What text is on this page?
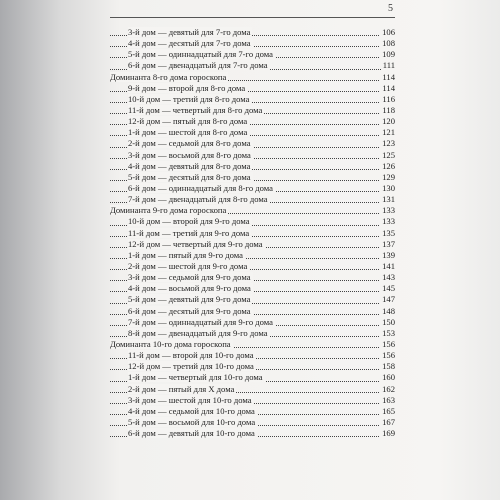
5
3-й дом — девятый для 7-го дома	106
4-й дом — десятый для 7-го дома	108
5-й дом — одиннадцатый для 7-го дома	109
6-й дом — двенадцатый для 7-го дома	111
Доминанта 8-го дома гороскопа	114
9-й дом — второй для 8-го дома	114
10-й дом — третий для 8-го дома	116
11-й дом — четвертый для 8-го дома	118
12-й дом — пятый для 8-го дома	120
1-й дом — шестой для 8-го дома	121
2-й дом — седьмой для 8-го дома	123
3-й дом — восьмой для 8-го дома	125
4-й дом — девятый для 8-го дома	126
5-й дом — десятый для 8-го дома	129
6-й дом — одиннадцатый для 8-го дома	130
7-й дом — двенадцатый для 8-го дома	131
Доминанта 9-го дома гороскопа	133
10-й дом — второй для 9-го дома	133
11-й дом — третий для 9-го дома	135
12-й дом — четвертый для 9-го дома	137
1-й дом — пятый для 9-го дома	139
2-й дом — шестой для 9-го дома	141
3-й дом — седьмой для 9-го дома	143
4-й дом — восьмой для 9-го дома	145
5-й дом — девятый для 9-го дома	147
6-й дом — десятый для 9-го дома	148
7-й дом — одиннадцатый для 9-го дома	150
8-й дом — двенадцатый для 9-го дома	153
Доминанта 10-го дома гороскопа	156
11-й дом — второй для 10-го дома	156
12-й дом — третий для 10-го дома	158
1-й дом — четвертый для 10-го дома	160
2-й дом — пятый для X дома	162
3-й дом — шестой для 10-го дома	163
4-й дом — седьмой для 10-го дома	165
5-й дом — восьмой для 10-го дома	167
6-й дом — девятый для 10-го дома	169
